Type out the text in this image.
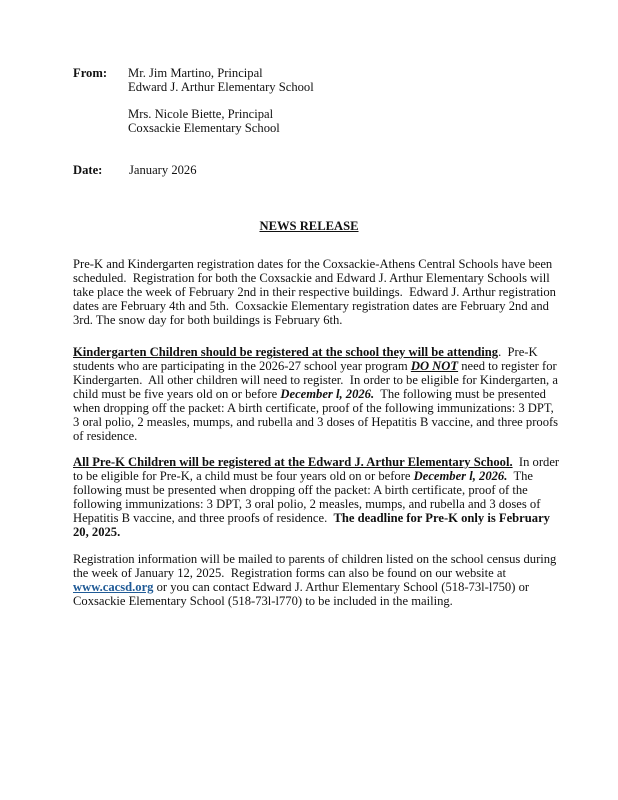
From: Mr. Jim Martino, Principal
Edward J. Arthur Elementary School
Mrs. Nicole Biette, Principal
Coxsackie Elementary School
Date: January 2026
NEWS RELEASE
Pre-K and Kindergarten registration dates for the Coxsackie-Athens Central Schools have been
scheduled.  Registration for both the Coxsackie and Edward J. Arthur Elementary Schools will
take place the week of February 2nd in their respective buildings.  Edward J. Arthur registration
dates are February 4th and 5th.  Coxsackie Elementary registration dates are February 2nd and
3rd. The snow day for both buildings is February 6th.
Kindergarten Children should be registered at the school they will be attending.  Pre-K
students who are participating in the 2026-27 school year program DO NOT need to register for
Kindergarten.  All other children will need to register.  In order to be eligible for Kindergarten, a
child must be five years old on or before December l, 2026.  The following must be presented
when dropping off the packet: A birth certificate, proof of the following immunizations: 3 DPT,
3 oral polio, 2 measles, mumps, and rubella and 3 doses of Hepatitis B vaccine, and three proofs
of residence.
All Pre-K Children will be registered at the Edward J. Arthur Elementary School.  In order
to be eligible for Pre-K, a child must be four years old on or before December l, 2026.  The
following must be presented when dropping off the packet: A birth certificate, proof of the
following immunizations: 3 DPT, 3 oral polio, 2 measles, mumps, and rubella and 3 doses of
Hepatitis B vaccine, and three proofs of residence.  The deadline for Pre-K only is February
20, 2025.
Registration information will be mailed to parents of children listed on the school census during
the week of January 12, 2025.  Registration forms can also be found on our website at
www.cacsd.org or you can contact Edward J. Arthur Elementary School (518-73l-l750) or
Coxsackie Elementary School (518-73l-l770) to be included in the mailing.
